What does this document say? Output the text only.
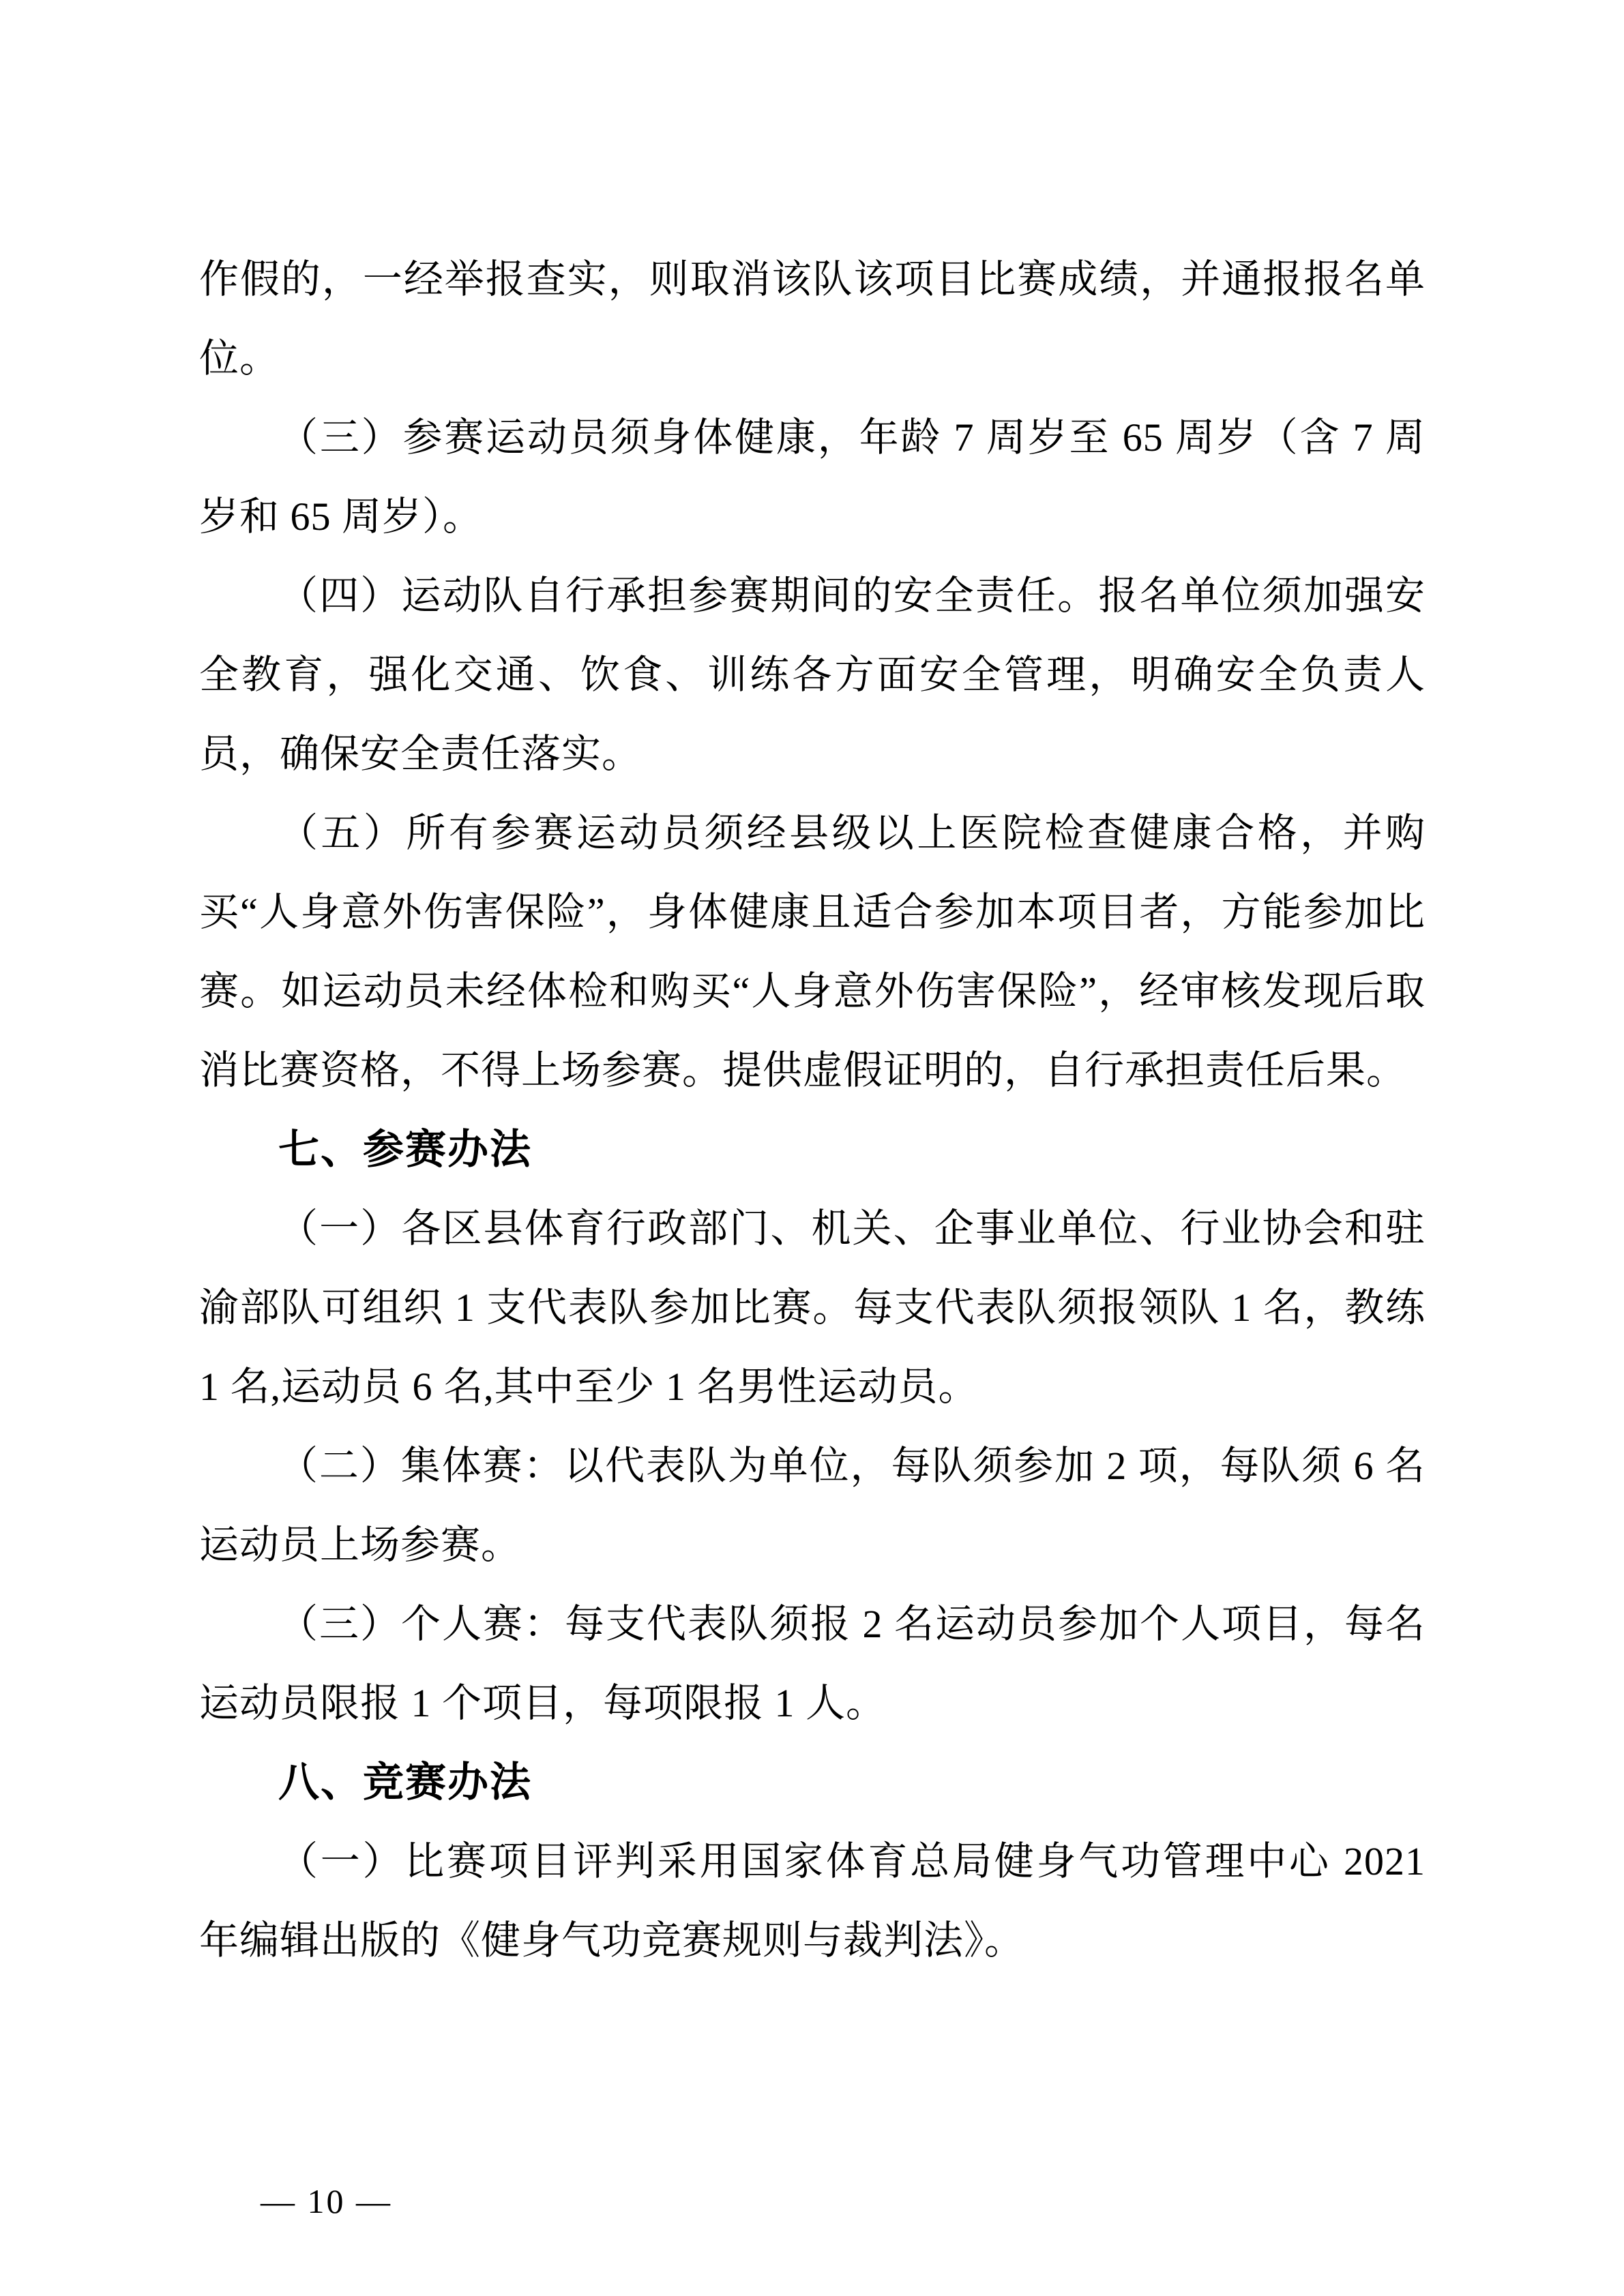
作假的，一经举报查实，则取消该队该项目比赛成绩，并通报报名单位。

（三）参赛运动员须身体健康，年龄 7 周岁至 65 周岁（含 7 周岁和 65 周岁）。

（四）运动队自行承担参赛期间的安全责任。报名单位须加强安全教育，强化交通、饮食、训练各方面安全管理，明确安全负责人员，确保安全责任落实。

（五）所有参赛运动员须经县级以上医院检查健康合格，并购买“人身意外伤害保险”，身体健康且适合参加本项目者，方能参加比赛。如运动员未经体检和购买“人身意外伤害保险”，经审核发现后取消比赛资格，不得上场参赛。提供虚假证明的，自行承担责任后果。

七、参赛办法

（一）各区县体育行政部门、机关、企事业单位、行业协会和驻渝部队可组织 1 支代表队参加比赛。每支代表队须报领队 1 名，教练 1 名,运动员 6 名,其中至少 1 名男性运动员。

（二）集体赛：以代表队为单位，每队须参加 2 项，每队须 6 名运动员上场参赛。

（三）个人赛：每支代表队须报 2 名运动员参加个人项目，每名运动员限报 1 个项目，每项限报 1 人。

八、竞赛办法

（一）比赛项目评判采用国家体育总局健身气功管理中心 2021 年编辑出版的《健身气功竞赛规则与裁判法》。

— 10 —
